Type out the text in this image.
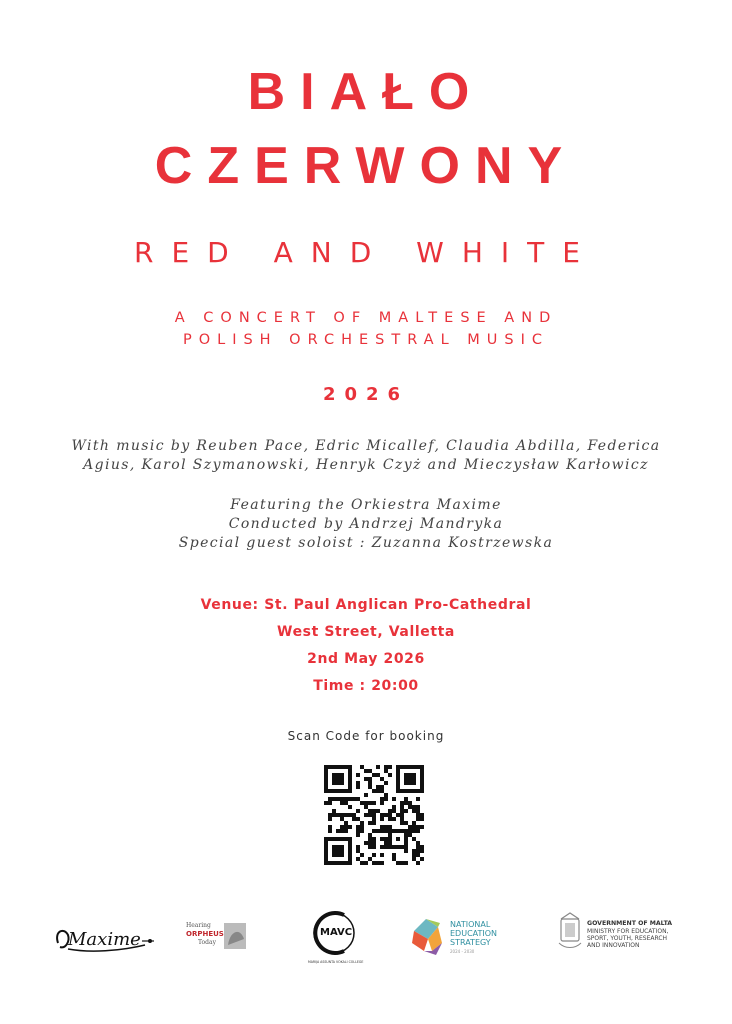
BIAŁO
CZERWONY
RED AND WHITE
A CONCERT OF MALTESE AND
POLISH ORCHESTRAL MUSIC
2026
With music by Reuben Pace, Edric Micallef, Claudia Abdilla, Federica
Agius, Karol Szymanowski, Henryk Czyż and Mieczysław Karłowicz
Featuring the Orkiestra Maxime
Conducted by Andrzej Mandryka
Special guest soloist : Zuzanna Kostrzewska
Venue: St. Paul Anglican Pro-Cathedral
West Street, Valletta
2nd May 2026
Time : 20:00
Scan Code for booking
Maxime
Hearing
ORPHEUS
Today
MAVC
MARIJA ASSUNTA VOKALI COLLEGE
NATIONAL
EDUCATION
STRATEGY
2024 - 2030
GOVERNMENT OF MALTA
MINISTRY FOR EDUCATION,
SPORT, YOUTH, RESEARCH
AND INNOVATION
